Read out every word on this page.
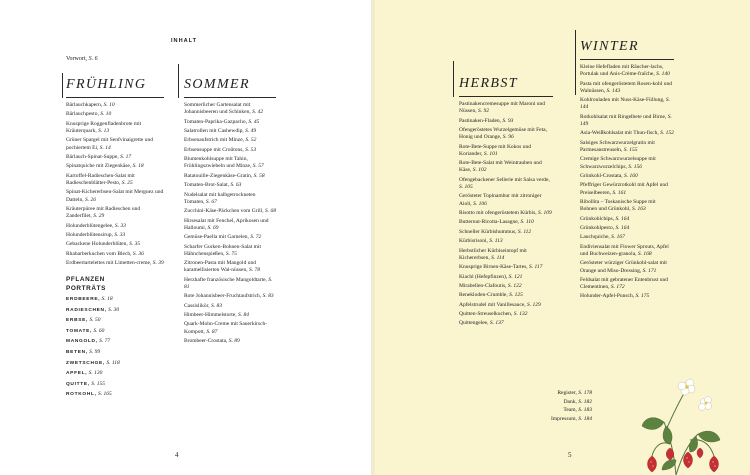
INHALT
Vorwort, S. 6
FRÜHLING
Bärlauchkapern, S. 10
Bärlauchpesto, S. 10
Knusprige Roggenfladenbrote mit Kräuterquark, S. 13
Grüner Spargel mit Senfvinaigrette und pochiertem Ei, S. 14
Bärlauch-Spinat-Suppe, S. 17
Spinatquiche mit Ziegenkäse, S. 18
Kartoffel-Radieschen-Salat mit Radieschenblätter-Pesto, S. 25
Spinat-Kichererbsen-Salat mit Merguez und Datteln, S. 26
Kräuterpüree mit Radieschen und Zanderfilet, S. 29
Holunderblütengelee, S. 33
Holunderblütensirup, S. 33
Gebackene Holunderblüten, S. 35
Rhabarberkuchen vom Blech, S. 36
Erdbeertartelettes mit Limetten-creme, S. 39
PFLANZEN
PORTRÄTS
ERDBEERE, S. 18
RADIESCHEN, S. 30
ERBSE, S. 50
TOMATE, S. 60
MANGOLD, S. 77
BETEN, S. 99
ZWETSCHGE, S. 118
APFEL, S. 130
QUITTE, S. 155
ROTKOHL, S. 165
SOMMER
Sommerlicher Gartensalat mit Johannisbeeren und Schinken, S. 42
Tomaten-Paprika-Gazpacho, S. 45
Salatrollen mit Cashewdip, S. 49
Erbsenaufstrich mit Minze, S. 52
Erbsensuppe mit Croûtons, S. 53
Blumenkohlsuppe mit Tahin, Frühlingszwiebeln und Minze, S. 57
Ratatouille-Ziegenkäse-Gratin, S. 58
Tomaten-Brot-Salat, S. 63
Nudelsalat mit halbgetrockneten Tomaten, S. 67
Zucchini-Käse-Päckchen vom Grill, S. 68
Hirsesalat mit Fenchel, Aprikosen und Halloumi, S. 69
Gemüse-Paella mit Garnelen, S. 72
Scharfer Gurken-Bohnen-Salat mit Hähnchenspießen, S. 75
Zitronen-Pasta mit Mangold und karamellisierten Wal-nüssen, S. 78
Herzhafte französische Mangoldtarte, S. 81
Rote Johannisbeer-Fruchtaufstrich, S. 83
Cassislikör, S. 83
Himbeer-Himmelstorte, S. 84
Quark-Mohn-Creme mit Sauerkirsch-Kompott, S. 87
Brombeer-Crostata, S. 89
HERBST
Pastinakencremesuppe mit Maroni und Nüssen, S. 92
Pastinaken-Fladen, S. 93
Ofengeröstetes Wurzelgemüse mit Feta, Honig und Orange, S. 96
Rote-Bete-Suppe mit Kokos und Koriander, S. 101
Rote-Bete-Salat mit Weintrauben und Käse, S. 102
Ofengebackener Sellerie mit Salsa verde, S. 105
Gerösteter Topinambur mit zitroniger Aioli, S. 106
Risotto mit ofengeröstetem Kürbis, S. 109
Butternut-Ricotta-Lasagne, S. 110
Schneller Kürbishummus, S. 112
Kürbisrisoni, S. 113
Herbstlicher Kürbiseintopf mit Kichererbsen, S. 114
Knusprige Birnen-Käse-Tartes, S. 117
Kiachl (Hefepfinzen), S. 121
Mirabellen-Clafoutis, S. 122
Renekloden-Crumble, S. 125
Apfelstrudel mit Vanillesauce, S. 129
Quitten-Streuselkuchen, S. 132
Quittengelee, S. 137
WINTER
Kleine Hefefladen mit Räucher-lachs, Portulak und Anis-Crème-fraîche, S. 140
Pasta mit ofengeröstetem Rosen-kohl und Walnüssen, S. 143
Kohlrouladen mit Nuss-Käse-Füllung, S. 144
Rotkohlsalat mit Ringelbete und Birne, S. 149
Asia-Weißkohlsalat mit Thun-fisch, S. 152
Salsiges Schwarzwurzelgratin mit Parmesanstreuseln, S. 155
Cremige Schwarzwurzelsuppe mit Schwarzwurzelchips, S. 156
Grünkohl-Crostata, S. 160
Pfeffriger Gewürzrotkohl mit Apfel und Preiselbeeren, S. 161
Ribollita – Toskanische Suppe mit Bohnen und Grünkohl, S. 163
Grünkohlchips, S. 164
Grünkohlpesto, S. 164
Lauchquiche, S. 167
Endiviensalat mit Flower Sprouts, Apfel und Buchweizen-granola, S. 168
Gerösteter würziger Grünkohl-salat mit Orange und Miso-Dressing, S. 171
Feldsalat mit gebratener Entenbrust und Clementinen, S. 172
Holunder-Apfel-Punsch, S. 175
Register, S. 178
Dank, S. 182
Team, S. 183
Impressum, S. 184
4	5
